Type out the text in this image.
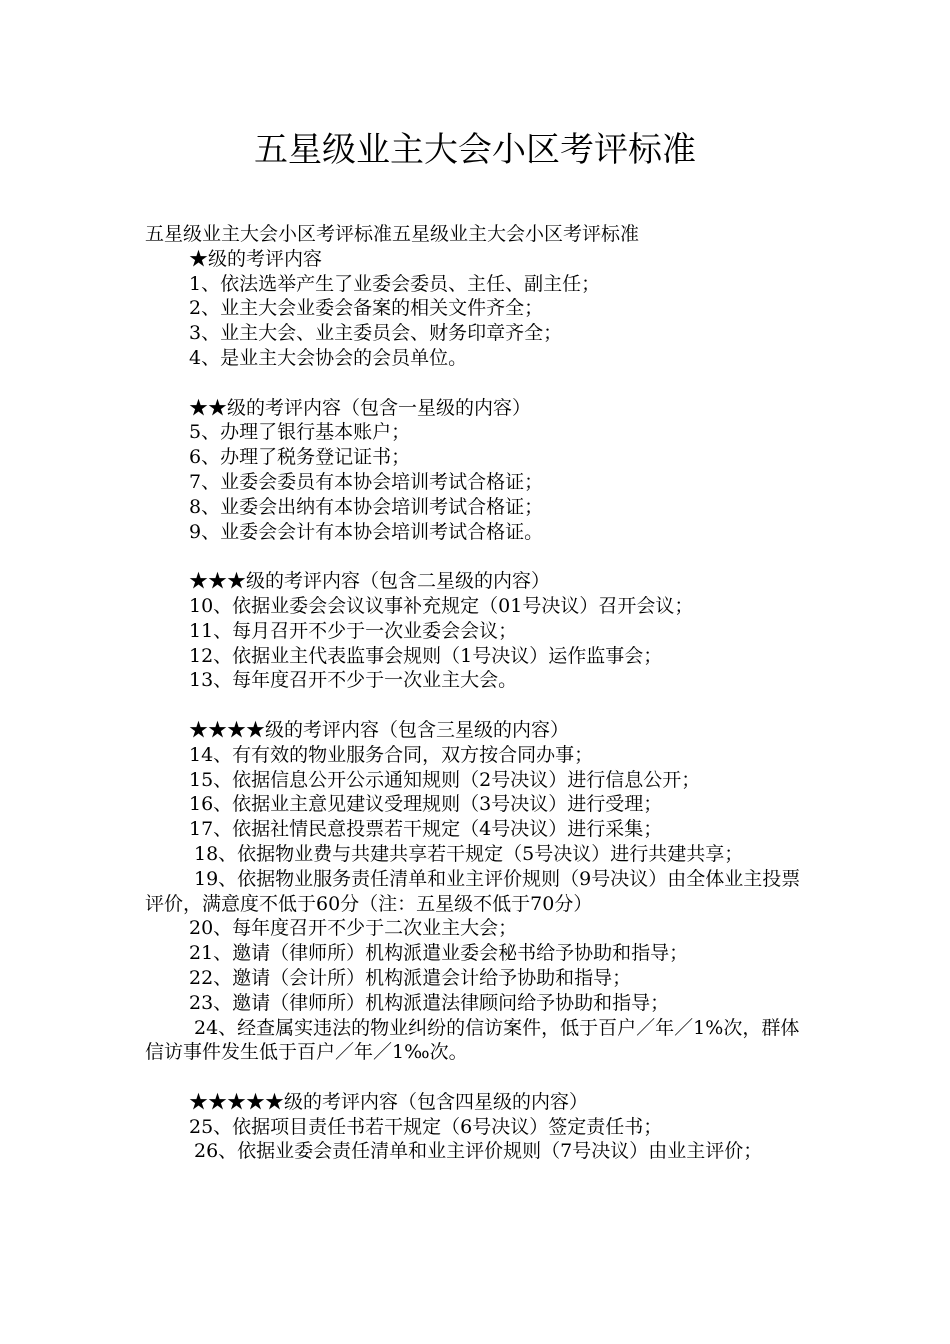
五星级业主大会小区考评标准
五星级业主大会小区考评标准五星级业主大会小区考评标准
★级的考评内容
1、依法选举产生了业委会委员、主任、副主任；
2、业主大会业委会备案的相关文件齐全；
3、业主大会、业主委员会、财务印章齐全；
4、是业主大会协会的会员单位。
★★级的考评内容（包含一星级的内容）
5、办理了银行基本账户；
6、办理了税务登记证书；
7、业委会委员有本协会培训考试合格证；
8、业委会出纳有本协会培训考试合格证；
9、业委会会计有本协会培训考试合格证。
★★★级的考评内容（包含二星级的内容）
10、依据业委会会议议事补充规定（01号决议）召开会议；
11、每月召开不少于一次业委会会议；
12、依据业主代表监事会规则（1号决议）运作监事会；
13、每年度召开不少于一次业主大会。
★★★★级的考评内容（包含三星级的内容）
14、有有效的物业服务合同，双方按合同办事；
15、依据信息公开公示通知规则（2号决议）进行信息公开；
16、依据业主意见建议受理规则（3号决议）进行受理；
17、依据社情民意投票若干规定（4号决议）进行采集；
18、依据物业费与共建共享若干规定（5号决议）进行共建共享；
19、依据物业服务责任清单和业主评价规则（9号决议）由全体业主投票评价，满意度不低于60分（注：五星级不低于70分）
20、每年度召开不少于二次业主大会；
21、邀请（律师所）机构派遣业委会秘书给予协助和指导；
22、邀请（会计所）机构派遣会计给予协助和指导；
23、邀请（律师所）机构派遣法律顾问给予协助和指导；
24、经查属实违法的物业纠纷的信访案件，低于百户／年／1%次，群体信访事件发生低于百户／年／1‰次。
★★★★★级的考评内容（包含四星级的内容）
25、依据项目责任书若干规定（6号决议）签定责任书；
26、依据业委会责任清单和业主评价规则（7号决议）由业主评价；
